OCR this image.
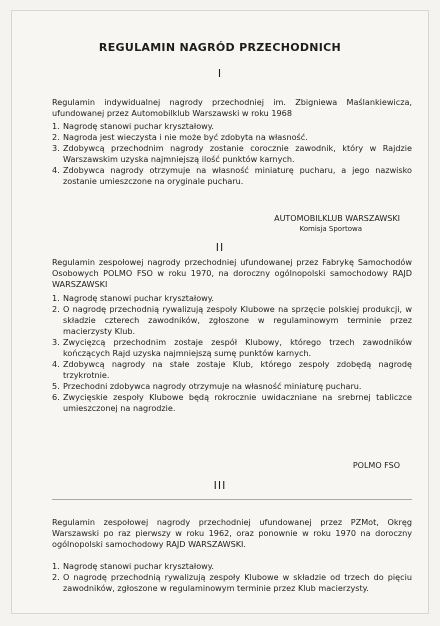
REGULAMIN NAGRÓD PRZECHODNICH
I
Regulamin indywidualnej nagrody przechodniej im. Zbigniewa Maślankiewicza, ufundowanej przez Automobilklub Warszawski w roku 1968
1. Nagrodę stanowi puchar kryształowy.
2. Nagroda jest wieczysta i nie może być zdobyta na własność.
3. Zdobywcą przechodnim nagrody zostanie corocznie zawodnik, który w Rajdzie Warszawskim uzyska najmniejszą ilość punktów karnych.
4. Zdobywca nagrody otrzymuje na własność miniaturę pucharu, a jego nazwisko zostanie umieszczone na oryginale pucharu.
AUTOMOBILKLUB WARSZAWSKI
Komisja Sportowa
II
Regulamin zespołowej nagrody przechodniej ufundowanej przez Fabrykę Samochodów Osobowych POLMO FSO w roku 1970, na doroczny ogólnopolski samochodowy RAJD WARSZAWSKI
1. Nagrodę stanowi puchar kryształowy.
2. O nagrodę przechodnią rywalizują zespoły Klubowe na sprzęcie polskiej produkcji, w składzie czterech zawodników, zgłoszone w regulaminowym terminie przez macierzysty Klub.
3. Zwycięzcą przechodnim zostaje zespół Klubowy, którego trzech zawodników kończących Rajd uzyska najmniejszą sumę punktów karnych.
4. Zdobywcą nagrody na stałe zostaje Klub, którego zespoły zdobędą nagrodę trzykrotnie.
5. Przechodni zdobywca nagrody otrzymuje na własność miniaturę pucharu.
6. Zwycięskie zespoły Klubowe będą rokrocznie uwidaczniane na srebrnej tabliczce umieszczonej na nagrodzie.
POLMO FSO
III
Regulamin zespołowej nagrody przechodniej ufundowanej przez PZMot, Okręg Warszawski po raz pierwszy w roku 1962, oraz ponownie w roku 1970 na doroczny ogólnopolski samochodowy RAJD WARSZAWSKI.
1. Nagrodę stanowi puchar kryształowy.
2. O nagrodę przechodnią rywalizują zespoły Klubowe w składzie od trzech do pięciu zawodników, zgłoszone w regulaminowym terminie przez Klub macierzysty.
